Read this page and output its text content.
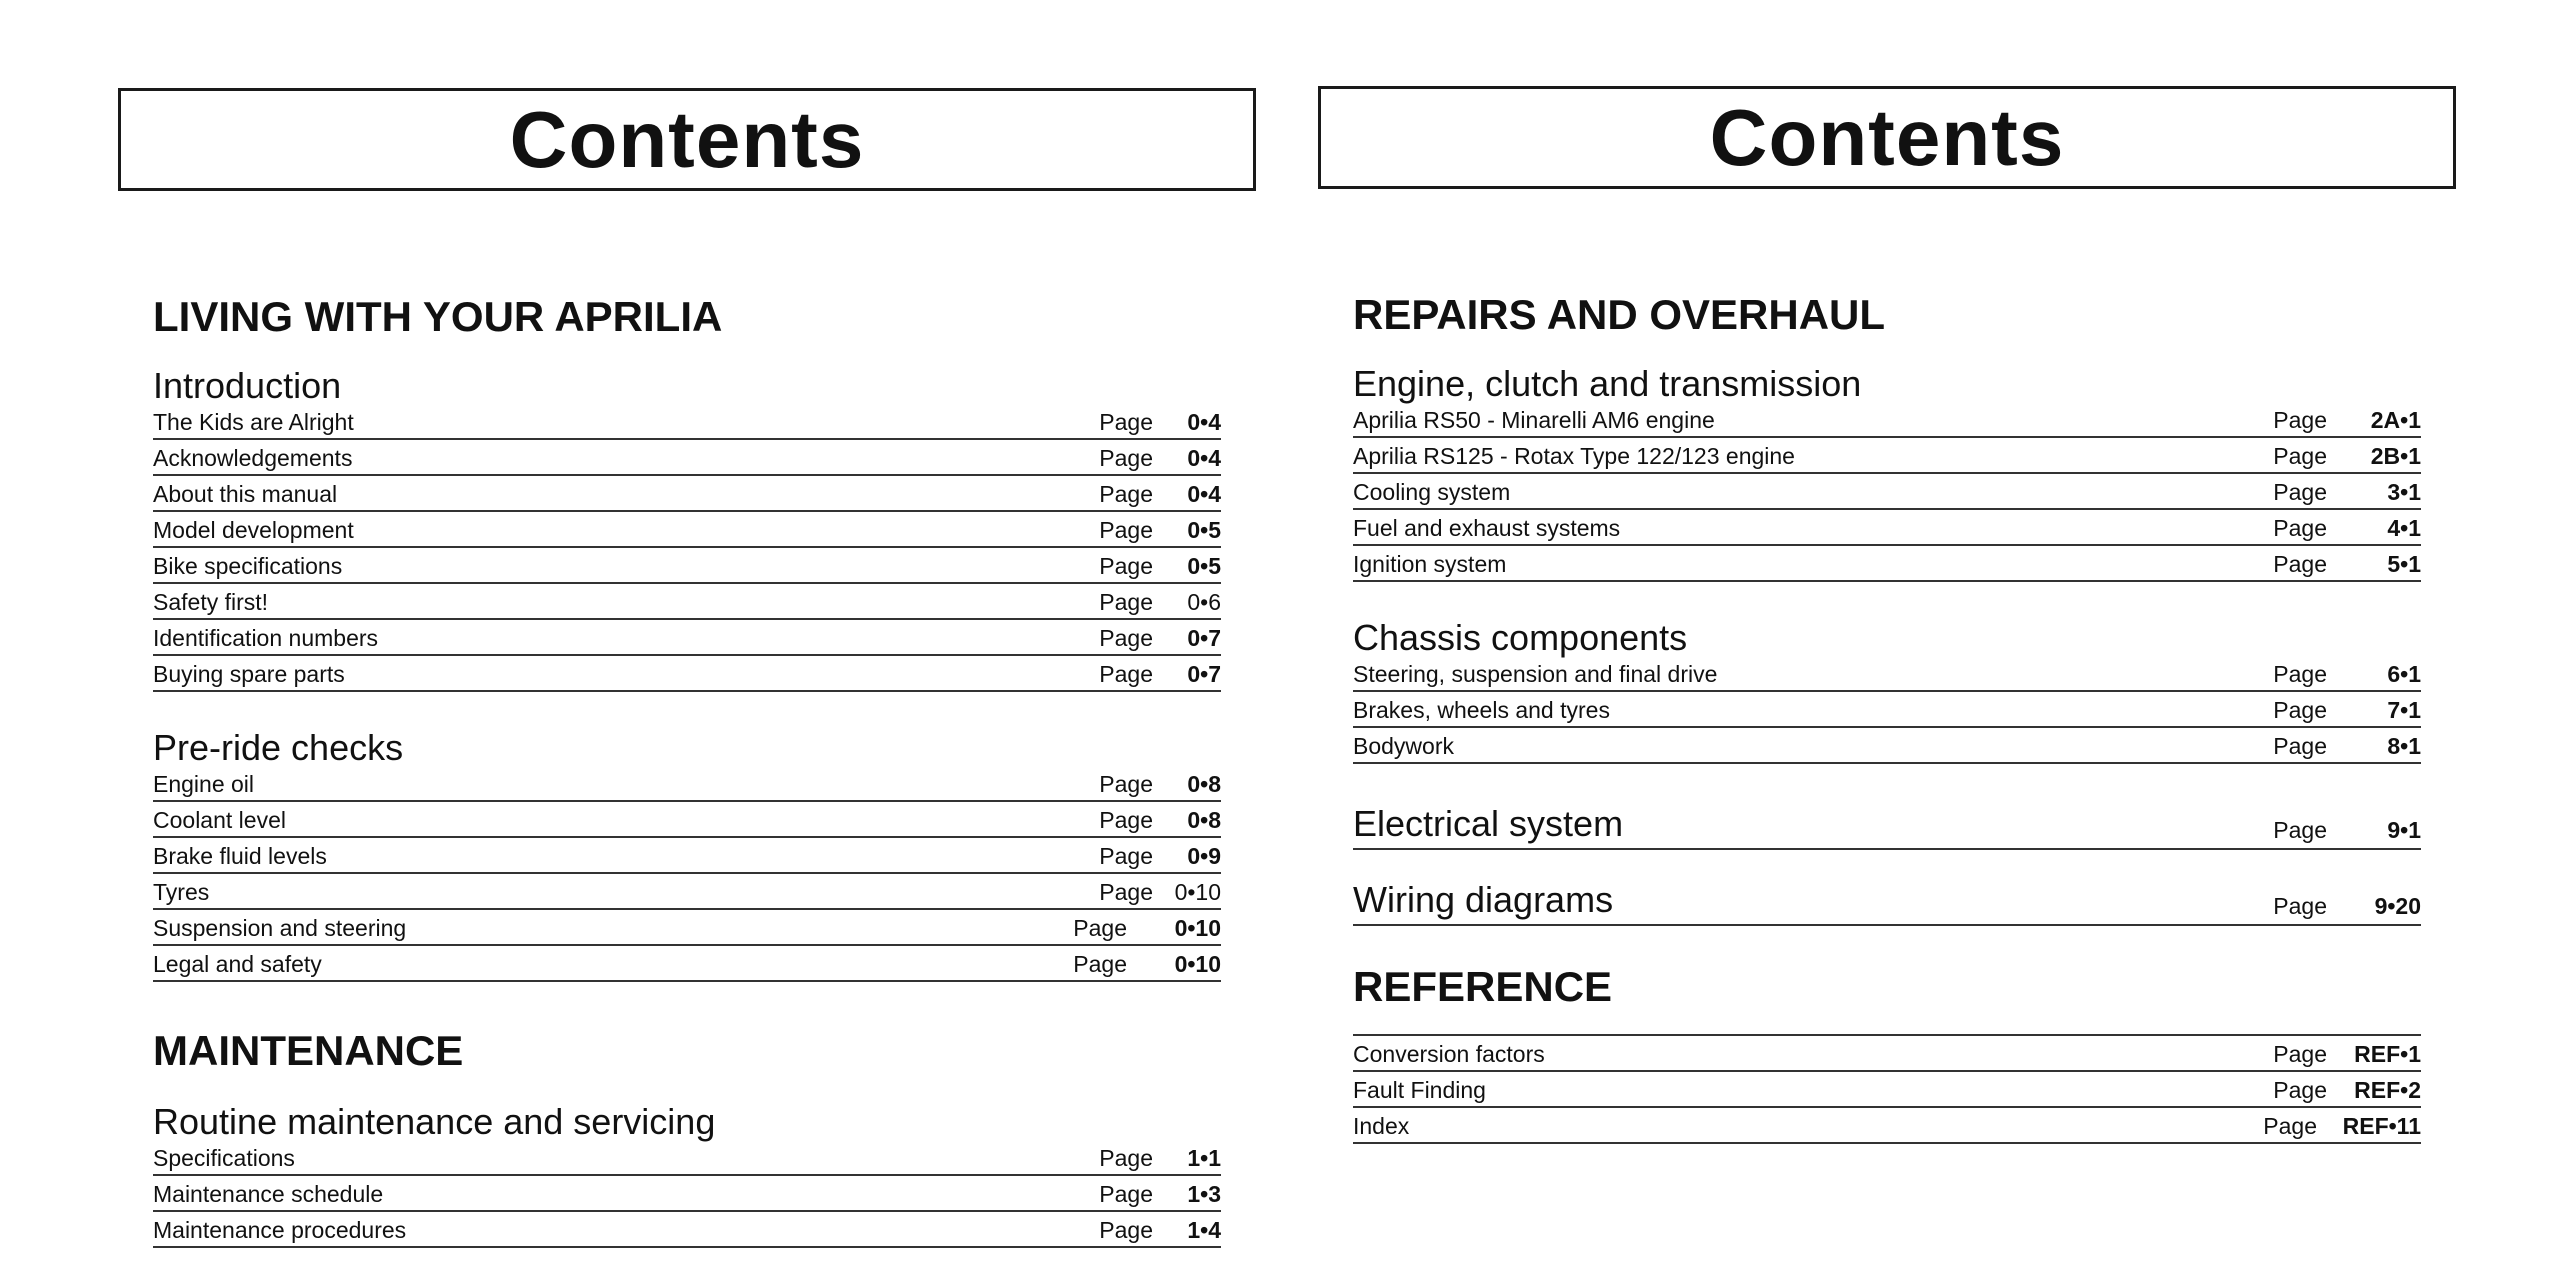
Contents
LIVING WITH YOUR APRILIA
Introduction
The Kids are Alright	Page 0•4
Acknowledgements	Page 0•4
About this manual	Page 0•4
Model development	Page 0•5
Bike specifications	Page 0•5
Safety first!	Page 0•6
Identification numbers	Page 0•7
Buying spare parts	Page 0•7
Pre-ride checks
Engine oil	Page 0•8
Coolant level	Page 0•8
Brake fluid levels	Page 0•9
Tyres	Page 0•10
Suspension and steering	Page 0•10
Legal and safety	Page 0•10
MAINTENANCE
Routine maintenance and servicing
Specifications	Page 1•1
Maintenance schedule	Page 1•3
Maintenance procedures	Page 1•4
Contents
REPAIRS AND OVERHAUL
Engine, clutch and transmission
Aprilia RS50 - Minarelli AM6 engine	Page 2A•1
Aprilia RS125 - Rotax Type 122/123 engine	Page 2B•1
Cooling system	Page	3•1
Fuel and exhaust systems	Page	4•1
Ignition system	Page	5•1
Chassis components
Steering, suspension and final drive	Page	6•1
Brakes, wheels and tyres	Page	7•1
Bodywork	Page	8•1
Electrical system	Page	9•1
Wiring diagrams	Page 9•20
REFERENCE
Conversion factors	Page REF•1
Fault Finding	Page REF•2
Index	Page REF•11
